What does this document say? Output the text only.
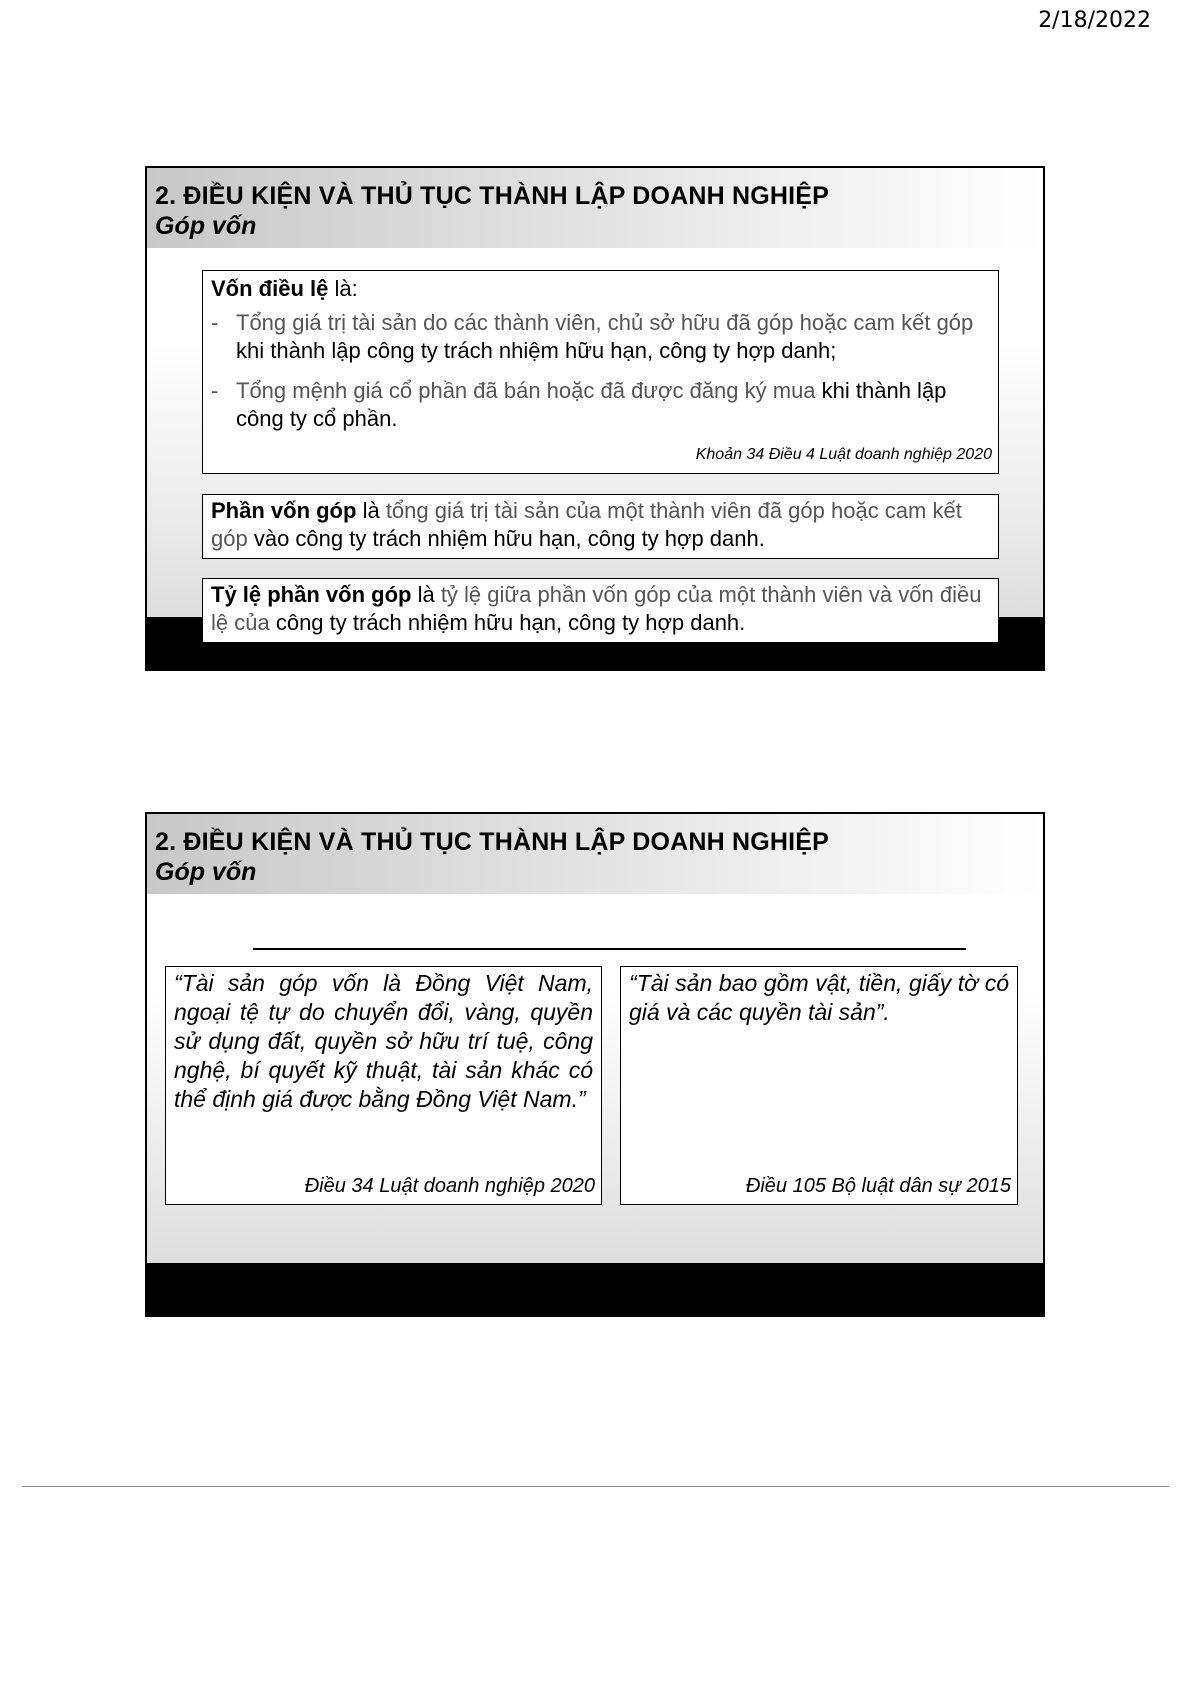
2/18/2022
2. ĐIỀU KIỆN VÀ THỦ TỤC THÀNH LẬP DOANH NGHIỆP
Góp vốn

Vốn điều lệ là:

- Tổng giá trị tài sản do các thành viên, chủ sở hữu đã góp hoặc cam kết góp khi thành lập công ty trách nhiệm hữu hạn, công ty hợp danh;
- Tổng mệnh giá cổ phần đã bán hoặc đã được đăng ký mua khi thành lập công ty cổ phần.
Khoản 34 Điều 4 Luật doanh nghiệp 2020
Phần vốn góp là tổng giá trị tài sản của một thành viên đã góp hoặc cam kết góp vào công ty trách nhiệm hữu hạn, công ty hợp danh.
Tỷ lệ phần vốn góp là tỷ lệ giữa phần vốn góp của một thành viên và vốn điều lệ của công ty trách nhiệm hữu hạn, công ty hợp danh.
2. ĐIỀU KIỆN VÀ THỦ TỤC THÀNH LẬP DOANH NGHIỆP
Góp vốn
“Tài sản góp vốn là Đồng Việt Nam, ngoại tệ tự do chuyển đổi, vàng, quyền sử dụng đất, quyền sở hữu trí tuệ, công nghệ, bí quyết kỹ thuật, tài sản khác có thể định giá được bằng Đồng Việt Nam.”
Điều 34 Luật doanh nghiệp 2020
“Tài sản bao gồm vật, tiền, giấy tờ có giá và các quyền tài sản”.
Điều 105 Bộ luật dân sự 2015
